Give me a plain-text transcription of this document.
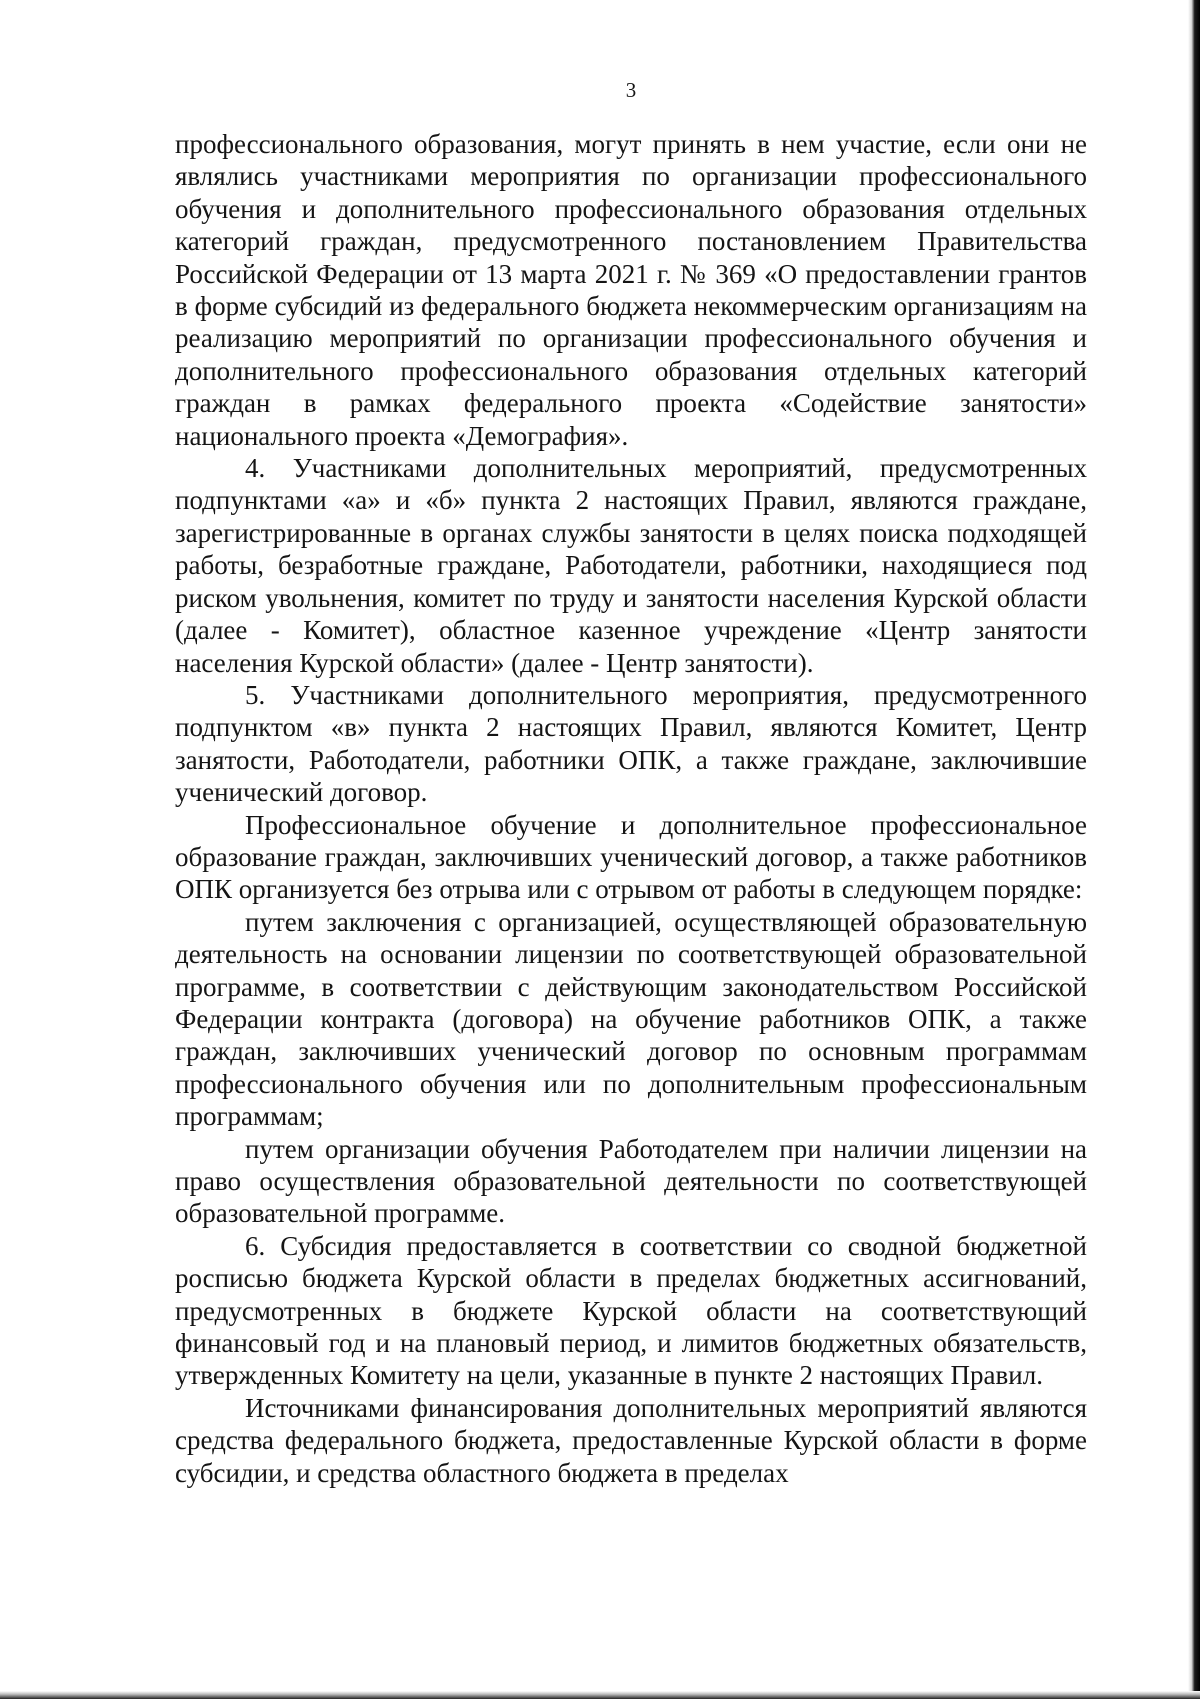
3

профессионального образования, могут принять в нем участие, если они не являлись участниками мероприятия по организации профессионального обучения и дополнительного профессионального образования отдельных категорий граждан, предусмотренного постановлением Правительства Российской Федерации от 13 марта 2021 г. № 369 «О предоставлении грантов в форме субсидий из федерального бюджета некоммерческим организациям на реализацию мероприятий по организации профессионального обучения и дополнительного профессионального образования отдельных категорий граждан в рамках федерального проекта «Содействие занятости» национального проекта «Демография».

4. Участниками дополнительных мероприятий, предусмотренных подпунктами «а» и «б» пункта 2 настоящих Правил, являются граждане, зарегистрированные в органах службы занятости в целях поиска подходящей работы, безработные граждане, Работодатели, работники, находящиеся под риском увольнения, комитет по труду и занятости населения Курской области (далее - Комитет), областное казенное учреждение «Центр занятости населения Курской области» (далее - Центр занятости).

5. Участниками дополнительного мероприятия, предусмотренного подпунктом «в» пункта 2 настоящих Правил, являются Комитет, Центр занятости, Работодатели, работники ОПК, а также граждане, заключившие ученический договор.

Профессиональное обучение и дополнительное профессиональное образование граждан, заключивших ученический договор, а также работников ОПК организуется без отрыва или с отрывом от работы в следующем порядке:

путем заключения с организацией, осуществляющей образовательную деятельность на основании лицензии по соответствующей образовательной программе, в соответствии с действующим законодательством Российской Федерации контракта (договора) на обучение работников ОПК, а также граждан, заключивших ученический договор по основным программам профессионального обучения или по дополнительным профессиональным программам;

путем организации обучения Работодателем при наличии лицензии на право осуществления образовательной деятельности по соответствующей образовательной программе.

6. Субсидия предоставляется в соответствии со сводной бюджетной росписью бюджета Курской области в пределах бюджетных ассигнований, предусмотренных в бюджете Курской области на соответствующий финансовый год и на плановый период, и лимитов бюджетных обязательств, утвержденных Комитету на цели, указанные в пункте 2 настоящих Правил.

Источниками финансирования дополнительных мероприятий являются средства федерального бюджета, предоставленные Курской области в форме субсидии, и средства областного бюджета в пределах
